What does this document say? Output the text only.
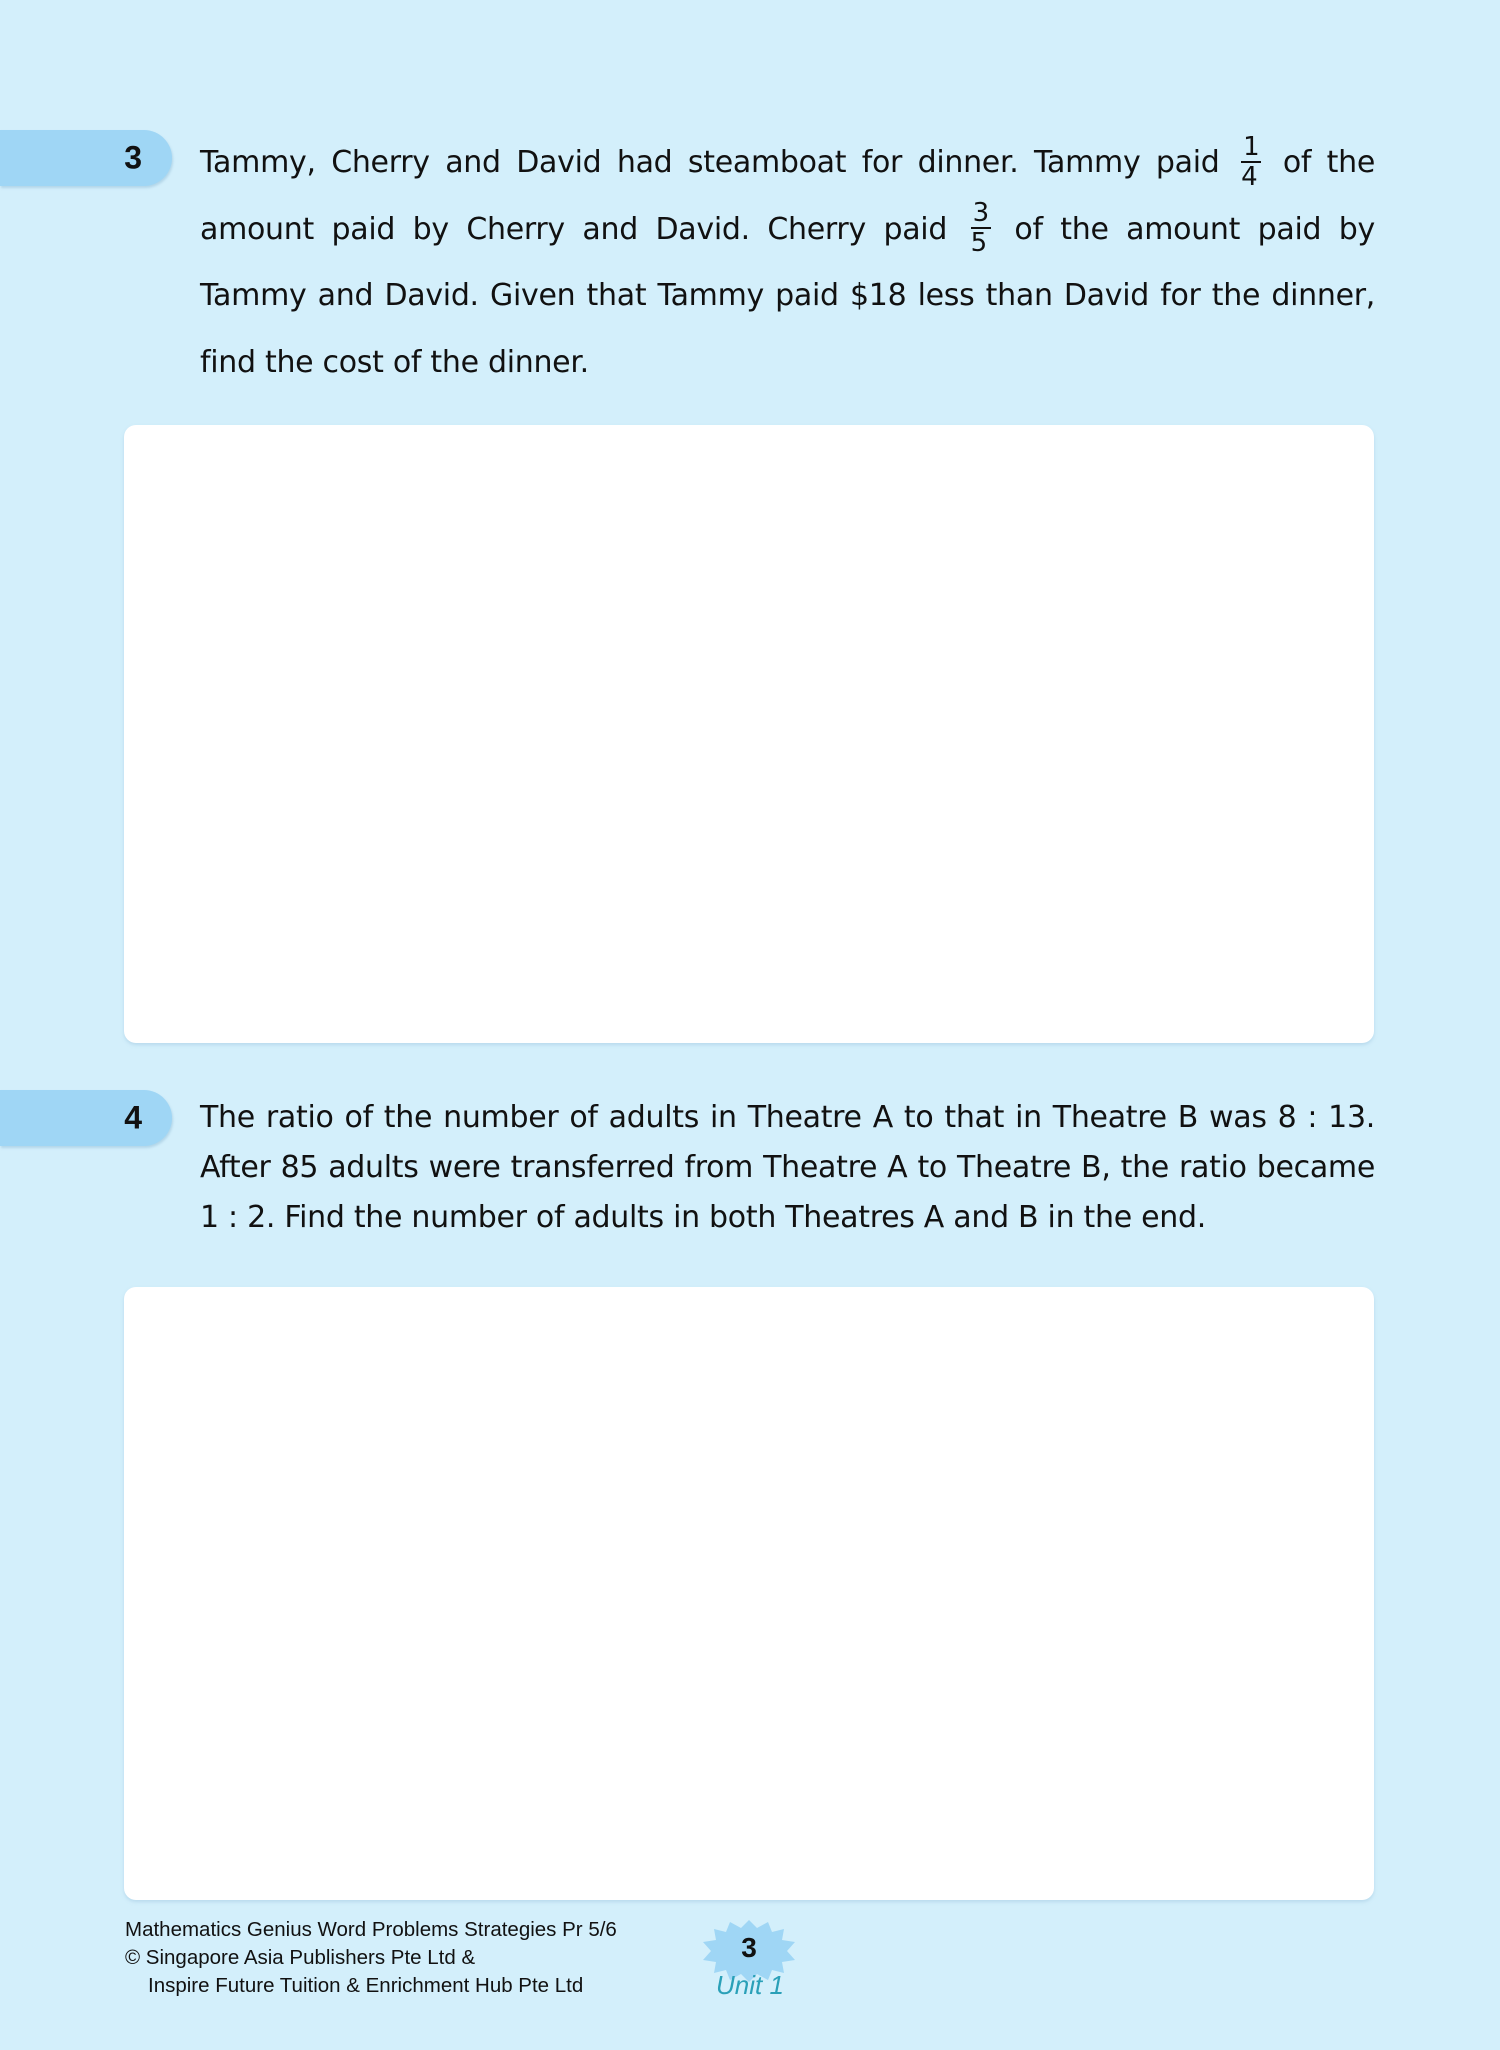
3 Tammy, Cherry and David had steamboat for dinner. Tammy paid $\frac{1}{4}$ of the amount paid by Cherry and David. Cherry paid $\frac{3}{5}$ of the amount paid by Tammy and David. Given that Tammy paid $18 less than David for the dinner, find the cost of the dinner.
4 The ratio of the number of adults in Theatre A to that in Theatre B was 8 : 13. After 85 adults were transferred from Theatre A to Theatre B, the ratio became 1 : 2. Find the number of adults in both Theatres A and B in the end.
Mathematics Genius Word Problems Strategies Pr 5/6
© Singapore Asia Publishers Pte Ltd &
Inspire Future Tuition & Enrichment Hub Pte Ltd
3
Unit 1
